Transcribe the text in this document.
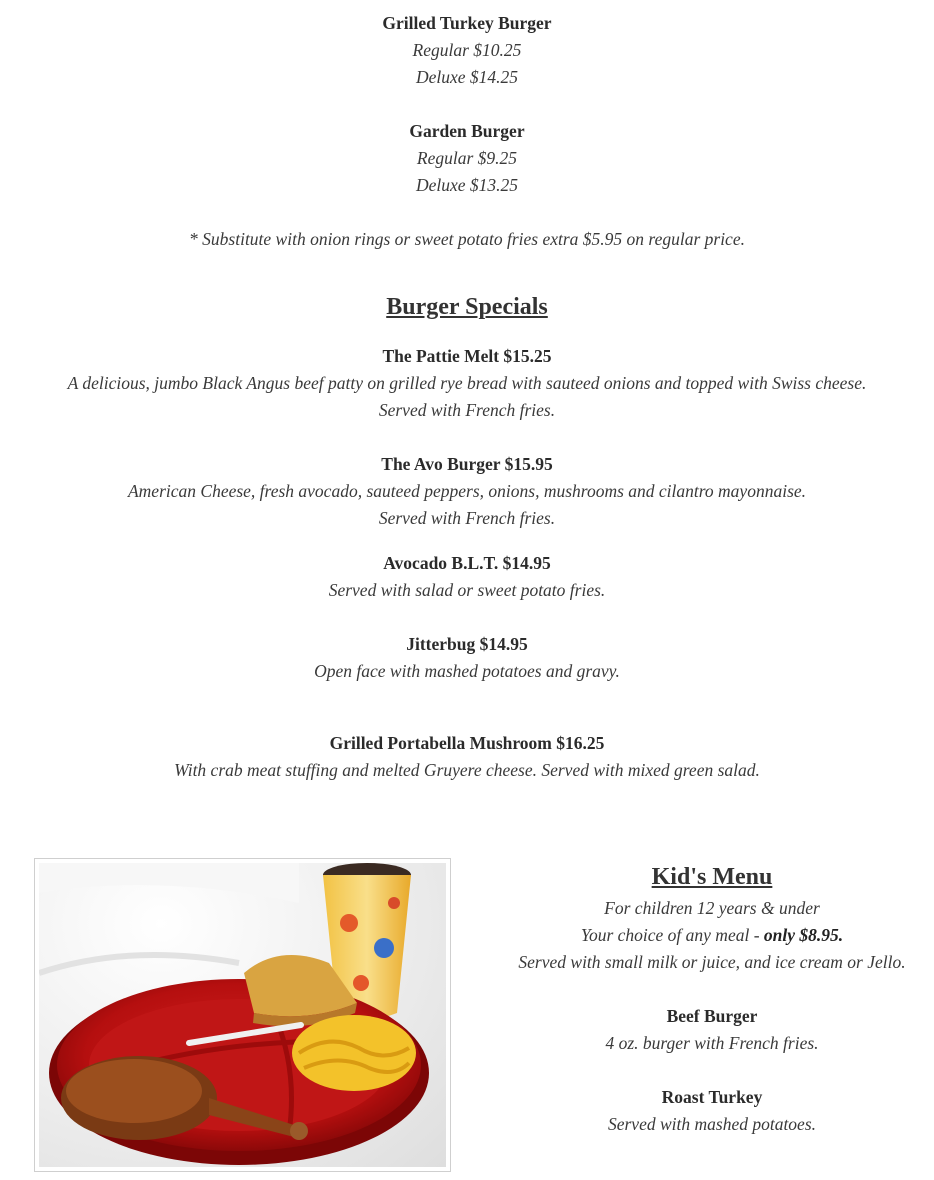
Grilled Turkey Burger
Regular $10.25
Deluxe $14.25
Garden Burger
Regular $9.25
Deluxe $13.25
* Substitute with onion rings or sweet potato fries extra $5.95 on regular price.
Burger Specials
The Pattie Melt $15.25
A delicious, jumbo Black Angus beef patty on grilled rye bread with sauteed onions and topped with Swiss cheese.
Served with French fries.
The Avo Burger $15.95
American Cheese, fresh avocado, sauteed peppers, onions, mushrooms and cilantro mayonnaise.
Served with French fries.
Avocado B.L.T. $14.95
Served with salad or sweet potato fries.
Jitterbug $14.95
Open face with mashed potatoes and gravy.
Grilled Portabella Mushroom $16.25
With crab meat stuffing and melted Gruyere cheese. Served with mixed green salad.
Kid's Menu
For children 12 years & under
Your choice of any meal - only $8.95.
Served with small milk or juice, and ice cream or Jello.
Beef Burger
4 oz. burger with French fries.
Roast Turkey
Served with mashed potatoes.
